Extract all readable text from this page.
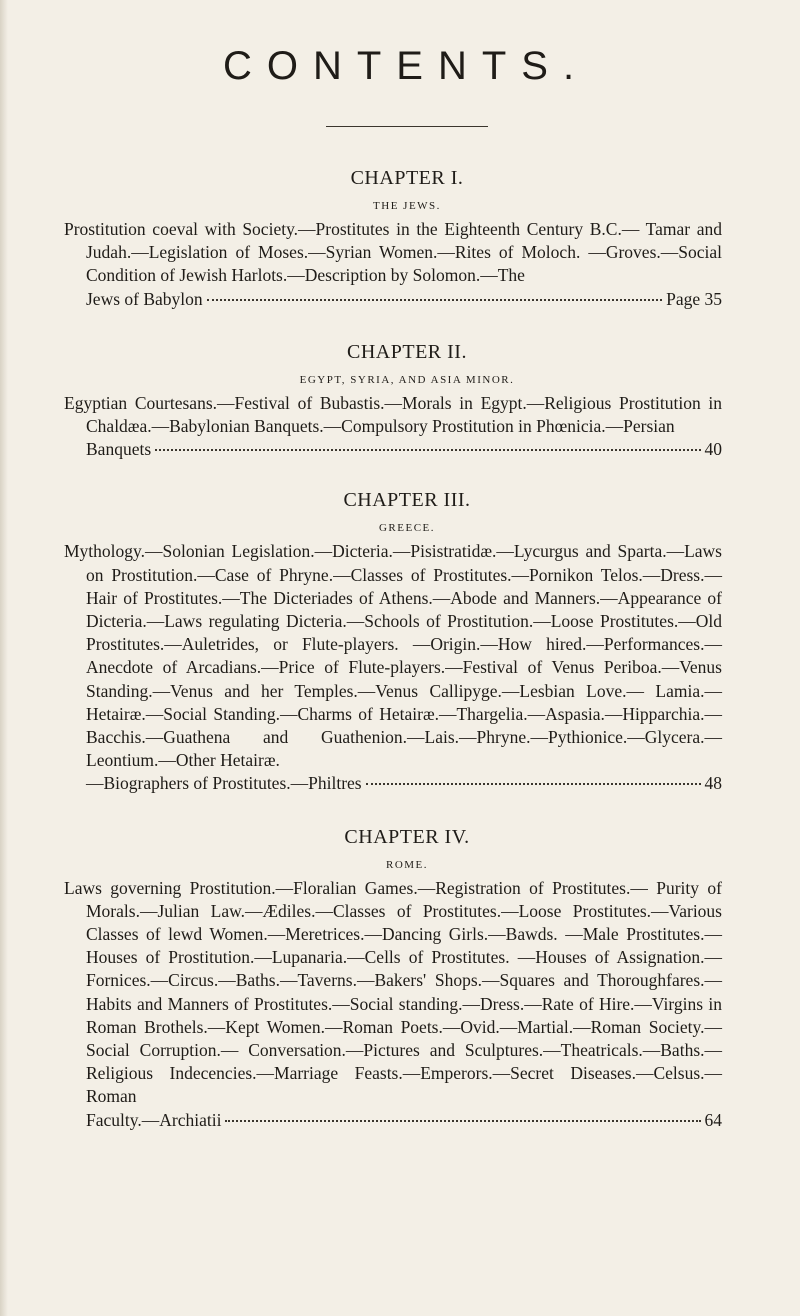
CONTENTS.
CHAPTER I.
THE JEWS.

Prostitution coeval with Society.—Prostitutes in the Eighteenth Century B.C.— Tamar and Judah.—Legislation of Moses.—Syrian Women.—Rites of Moloch. —Groves.—Social Condition of Jewish Harlots.—Description by Solomon.—The

Jews of Babylon	Page 35
CHAPTER II.
EGYPT, SYRIA, AND ASIA MINOR.

Egyptian Courtesans.—Festival of Bubastis.—Morals in Egypt.—Religious Prostitution in Chaldæa.—Babylonian Banquets.—Compulsory Prostitution in Phœnicia.—Persian

Banquets	40
CHAPTER III.
GREECE.

Mythology.—Solonian Legislation.—Dicteria.—Pisistratidæ.—Lycurgus and Sparta.—Laws on Prostitution.—Case of Phryne.—Classes of Prostitutes.—Pornikon Telos.—Dress.—Hair of Prostitutes.—The Dicteriades of Athens.—Abode and Manners.—Appearance of Dicteria.—Laws regulating Dicteria.—Schools of Prostitution.—Loose Prostitutes.—Old Prostitutes.—Auletrides, or Flute-players. —Origin.—How hired.—Performances.—Anecdote of Arcadians.—Price of Flute-players.—Festival of Venus Periboa.—Venus Standing.—Venus and her Temples.—Venus Callipyge.—Lesbian Love.— Lamia.—Hetairæ.—Social Standing.—Charms of Hetairæ.—Thargelia.—Aspasia.—Hipparchia.—Bacchis.—Guathena and Guathenion.—Lais.—Phryne.—Pythionice.—Glycera.—Leontium.—Other Hetairæ.

—Biographers of Prostitutes.—Philtres	48
CHAPTER IV.
ROME.

Laws governing Prostitution.—Floralian Games.—Registration of Prostitutes.— Purity of Morals.—Julian Law.—Ædiles.—Classes of Prostitutes.—Loose Prostitutes.—Various Classes of lewd Women.—Meretrices.—Dancing Girls.—Bawds. —Male Prostitutes.—Houses of Prostitution.—Lupanaria.—Cells of Prostitutes. —Houses of Assignation.—Fornices.—Circus.—Baths.—Taverns.—Bakers' Shops.—Squares and Thoroughfares.—Habits and Manners of Prostitutes.—Social standing.—Dress.—Rate of Hire.—Virgins in Roman Brothels.—Kept Women.—Roman Poets.—Ovid.—Martial.—Roman Society.—Social Corruption.— Conversation.—Pictures and Sculptures.—Theatricals.—Baths.—Religious Indecencies.—Marriage Feasts.—Emperors.—Secret Diseases.—Celsus.—Roman

Faculty.—Archiatii	64
